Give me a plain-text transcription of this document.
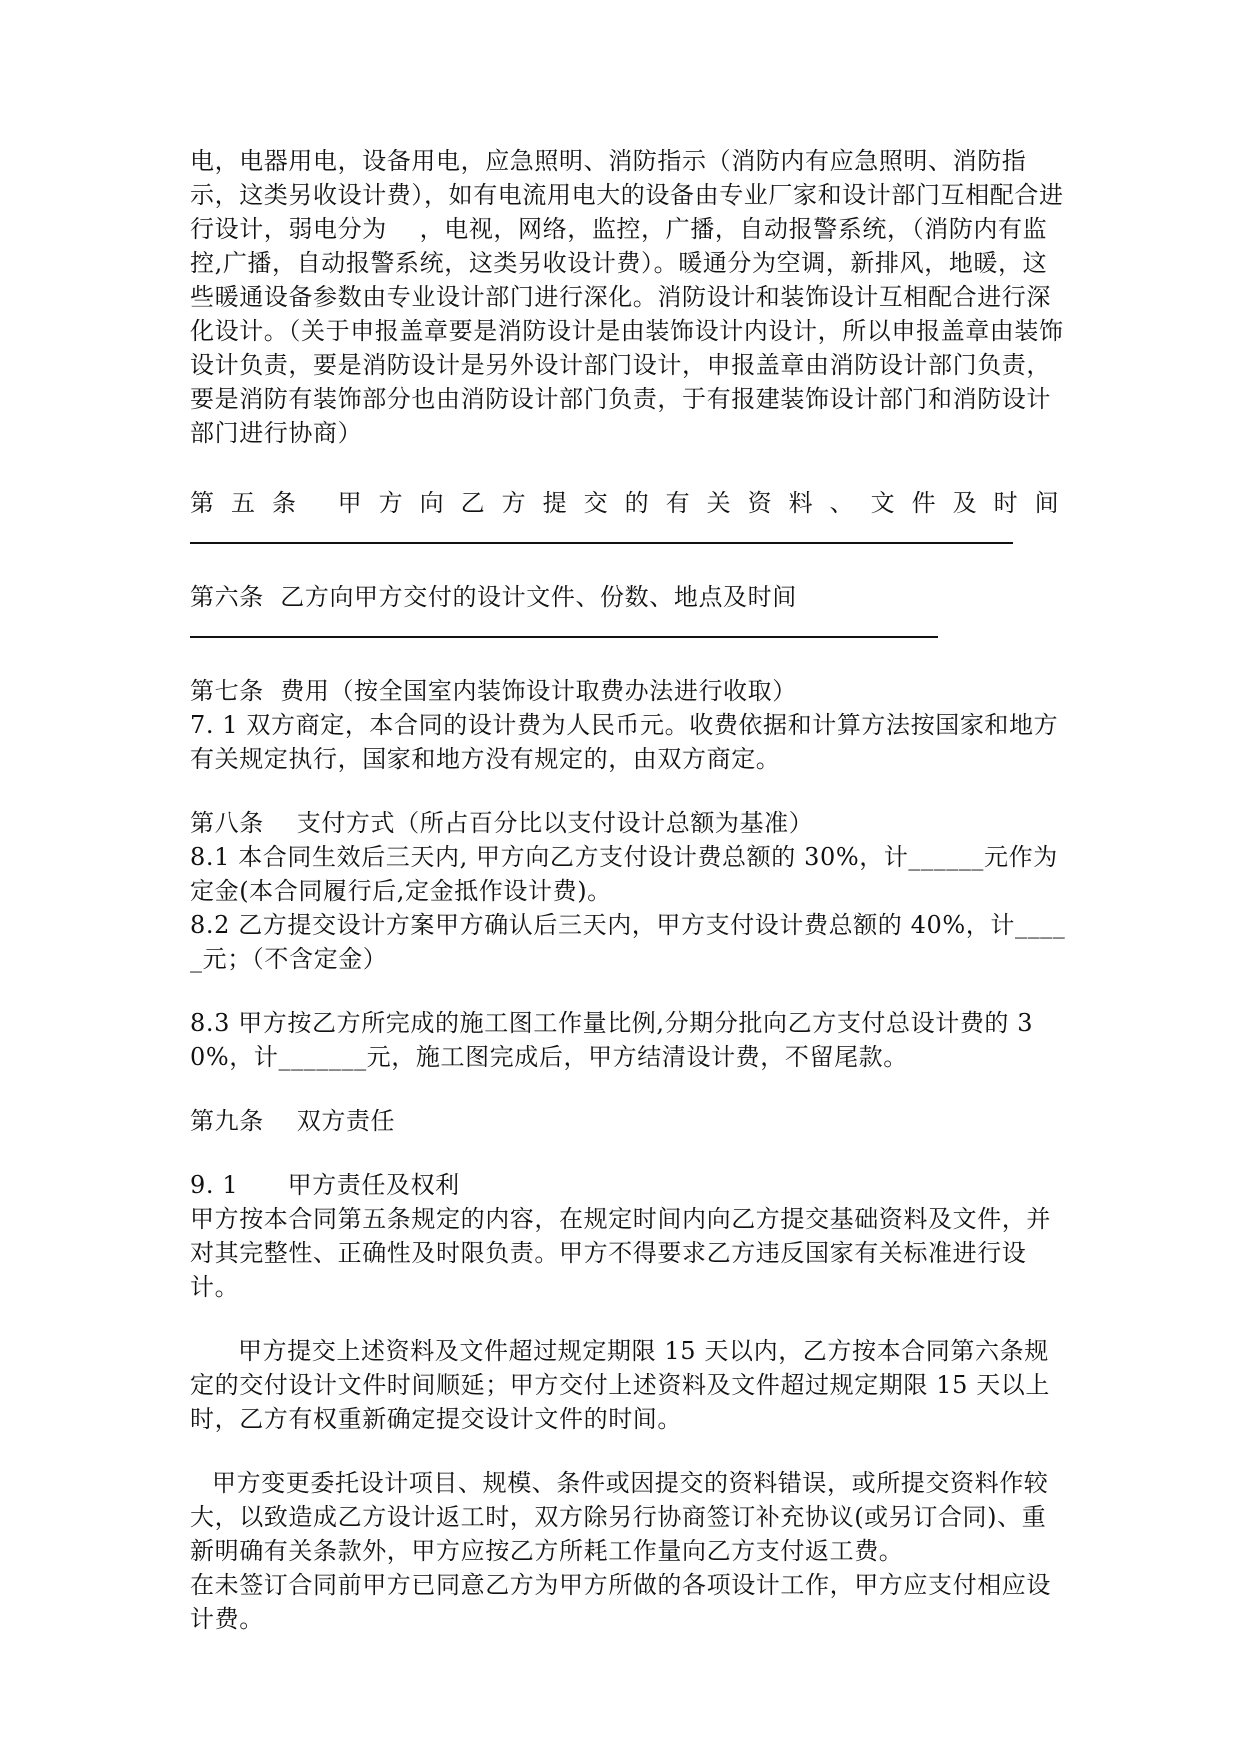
电，电器用电，设备用电，应急照明、消防指示（消防内有应急照明、消防指示，这类另收设计费），如有电流用电大的设备由专业厂家和设计部门互相配合进行设计，弱电分为　 ，电视，网络，监控，广播，自动报警系统，（消防内有监控,广播，自动报警系统，这类另收设计费）。暖通分为空调，新排风，地暖，这些暖通设备参数由专业设计部门进行深化。消防设计和装饰设计互相配合进行深化设计。（关于申报盖章要是消防设计是由装饰设计内设计，所以申报盖章由装饰设计负责，要是消防设计是另外设计部门设计，申报盖章由消防设计部门负责，要是消防有装饰部分也由消防设计部门负责，于有报建装饰设计部门和消防设计部门进行协商）

第五条 甲方向乙方提交的有关资料、文件及时间

第六条  乙方向甲方交付的设计文件、份数、地点及时间

第七条  费用（按全国室内装饰设计取费办法进行收取）

7. 1 双方商定，本合同的设计费为人民币元。收费依据和计算方法按国家和地方有关规定执行，国家和地方没有规定的，由双方商定。

第八条    支付方式（所占百分比以支付设计总额为基准）

8.1 本合同生效后三天内, 甲方向乙方支付设计费总额的 30%，计______元作为定金(本合同履行后,定金抵作设计费)。

8.2 乙方提交设计方案甲方确认后三天内，甲方支付设计费总额的 40%，计_____元；（不含定金）

8.3 甲方按乙方所完成的施工图工作量比例,分期分批向乙方支付总设计费的 30%，计_______元，施工图完成后，甲方结清设计费，不留尾款。

第九条    双方责任

9. 1      甲方责任及权利

甲方按本合同第五条规定的内容，在规定时间内向乙方提交基础资料及文件，并对其完整性、正确性及时限负责。甲方不得要求乙方违反国家有关标准进行设计。

甲方提交上述资料及文件超过规定期限 15 天以内，乙方按本合同第六条规定的交付设计文件时间顺延；甲方交付上述资料及文件超过规定期限 15 天以上时，乙方有权重新确定提交设计文件的时间。

甲方变更委托设计项目、规模、条件或因提交的资料错误，或所提交资料作较大，以致造成乙方设计返工时，双方除另行协商签订补充协议(或另订合同)、重新明确有关条款外，甲方应按乙方所耗工作量向乙方支付返工费。

在未签订合同前甲方已同意乙方为甲方所做的各项设计工作，甲方应支付相应设计费。
